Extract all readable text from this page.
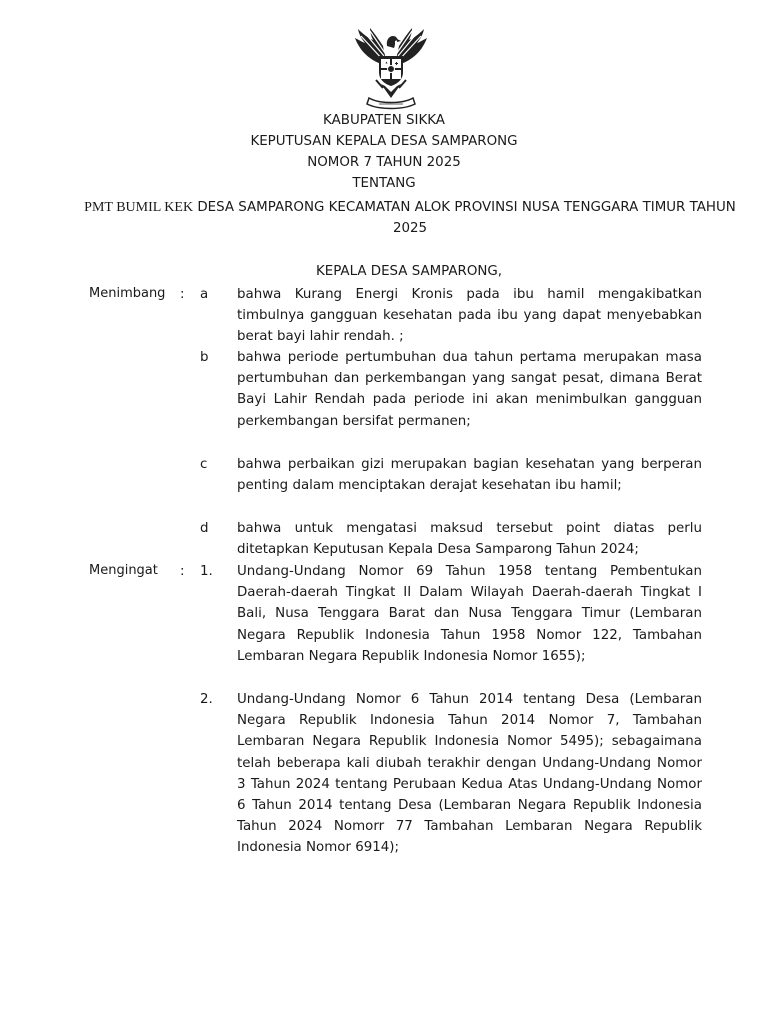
KABUPATEN SIKKA
KEPUTUSAN KEPALA DESA SAMPARONG
NOMOR 7 TAHUN 2025
TENTANG
PMT BUMIL KEK DESA SAMPARONG KECAMATAN ALOK PROVINSI NUSA TENGGARA TIMUR TAHUN 2025
KEPALA DESA SAMPARONG,
Menimbang : a bahwa Kurang Energi Kronis pada ibu hamil mengakibatkan timbulnya gangguan kesehatan pada ibu yang dapat menyebabkan berat bayi lahir rendah. ;
b bahwa periode pertumbuhan dua tahun pertama merupakan masa pertumbuhan dan perkembangan yang sangat pesat, dimana Berat Bayi Lahir Rendah pada periode ini akan menimbulkan gangguan perkembangan bersifat permanen;
c bahwa perbaikan gizi merupakan bagian kesehatan yang berperan penting dalam menciptakan derajat kesehatan ibu hamil;
d bahwa untuk mengatasi maksud tersebut point diatas perlu ditetapkan Keputusan Kepala Desa Samparong Tahun 2024;
Mengingat	: 1. Undang-Undang Nomor 69 Tahun 1958 tentang Pembentukan Daerah-daerah Tingkat II Dalam Wilayah Daerah-daerah Tingkat I Bali, Nusa Tenggara Barat dan Nusa Tenggara Timur (Lembaran Negara Republik Indonesia Tahun 1958 Nomor 122, Tambahan Lembaran Negara Republik Indonesia Nomor 1655);
2. Undang-Undang Nomor 6 Tahun 2014 tentang Desa (Lembaran Negara Republik Indonesia Tahun 2014 Nomor 7, Tambahan Lembaran Negara Republik Indonesia Nomor 5495); sebagaimana telah beberapa kali diubah terakhir dengan Undang-Undang Nomor 3 Tahun 2024 tentang Perubaan Kedua Atas Undang-Undang Nomor 6 Tahun 2014 tentang Desa (Lembaran Negara Republik Indonesia Tahun 2024 Nomorr 77 Tambahan Lembaran Negara Republik Indonesia Nomor 6914);
